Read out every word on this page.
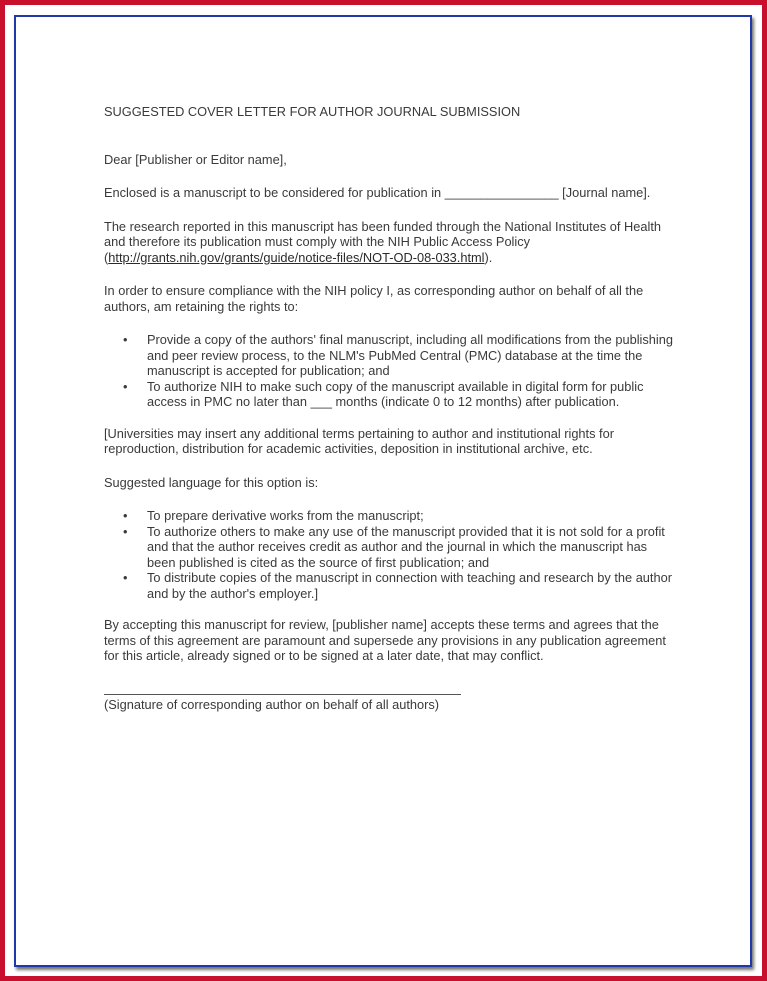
SUGGESTED COVER LETTER FOR AUTHOR JOURNAL SUBMISSION

Dear [Publisher or Editor name],

Enclosed is a manuscript to be considered for publication in ________________ [Journal name].

The research reported in this manuscript has been funded through the National Institutes of Health and therefore its publication must comply with the NIH Public Access Policy (http://grants.nih.gov/grants/guide/notice-files/NOT-OD-08-033.html).

In order to ensure compliance with the NIH policy I, as corresponding author on behalf of all the authors, am retaining the rights to:

• Provide a copy of the authors' final manuscript, including all modifications from the publishing and peer review process, to the NLM's PubMed Central (PMC) database at the time the manuscript is accepted for publication; and
• To authorize NIH to make such copy of the manuscript available in digital form for public access in PMC no later than ___ months (indicate 0 to 12 months) after publication.

[Universities may insert any additional terms pertaining to author and institutional rights for reproduction, distribution for academic activities, deposition in institutional archive, etc.

Suggested language for this option is:

• To prepare derivative works from the manuscript;
• To authorize others to make any use of the manuscript provided that it is not sold for a profit and that the author receives credit as author and the journal in which the manuscript has been published is cited as the source of first publication; and
• To distribute copies of the manuscript in connection with teaching and research by the author and by the author's employer.]

By accepting this manuscript for review, [publisher name] accepts these terms and agrees that the terms of this agreement are paramount and supersede any provisions in any publication agreement for this article, already signed or to be signed at a later date, that may conflict.

(Signature of corresponding author on behalf of all authors)
